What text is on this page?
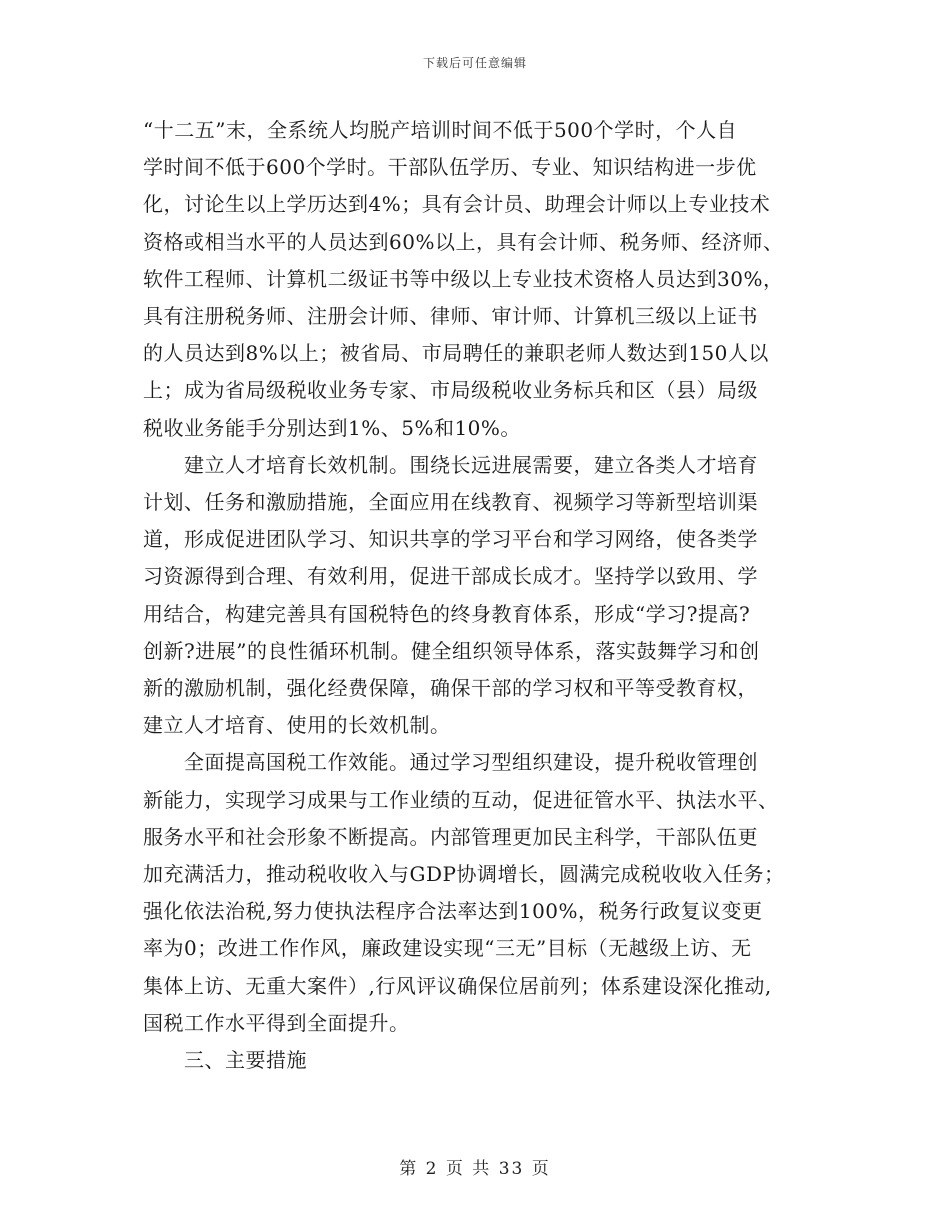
下载后可任意编辑

“十二五”末，全系统人均脱产培训时间不低于500个学时，个人自
学时间不低于600个学时。干部队伍学历、专业、知识结构进一步优
化，讨论生以上学历达到4%；具有会计员、助理会计师以上专业技术
资格或相当水平的人员达到60%以上，具有会计师、税务师、经济师、
软件工程师、计算机二级证书等中级以上专业技术资格人员达到30%，
具有注册税务师、注册会计师、律师、审计师、计算机三级以上证书
的人员达到8%以上；被省局、市局聘任的兼职老师人数达到150人以
上；成为省局级税收业务专家、市局级税收业务标兵和区（县）局级
税收业务能手分别达到1%、5%和10%。

　　建立人才培育长效机制。围绕长远进展需要，建立各类人才培育
计划、任务和激励措施，全面应用在线教育、视频学习等新型培训渠
道，形成促进团队学习、知识共享的学习平台和学习网络，使各类学
习资源得到合理、有效利用，促进干部成长成才。坚持学以致用、学
用结合，构建完善具有国税特色的终身教育体系，形成“学习?提高?
创新?进展”的良性循环机制。健全组织领导体系，落实鼓舞学习和创
新的激励机制，强化经费保障，确保干部的学习权和平等受教育权，
建立人才培育、使用的长效机制。

　　全面提高国税工作效能。通过学习型组织建设，提升税收管理创
新能力，实现学习成果与工作业绩的互动，促进征管水平、执法水平、
服务水平和社会形象不断提高。内部管理更加民主科学，干部队伍更
加充满活力，推动税收收入与GDP协调增长，圆满完成税收收入任务；
强化依法治税,努力使执法程序合法率达到100%，税务行政复议变更
率为0；改进工作作风，廉政建设实现“三无”目标（无越级上访、无
集体上访、无重大案件）,行风评议确保位居前列；体系建设深化推动,
国税工作水平得到全面提升。

　　三、主要措施

第 2 页 共 33 页
